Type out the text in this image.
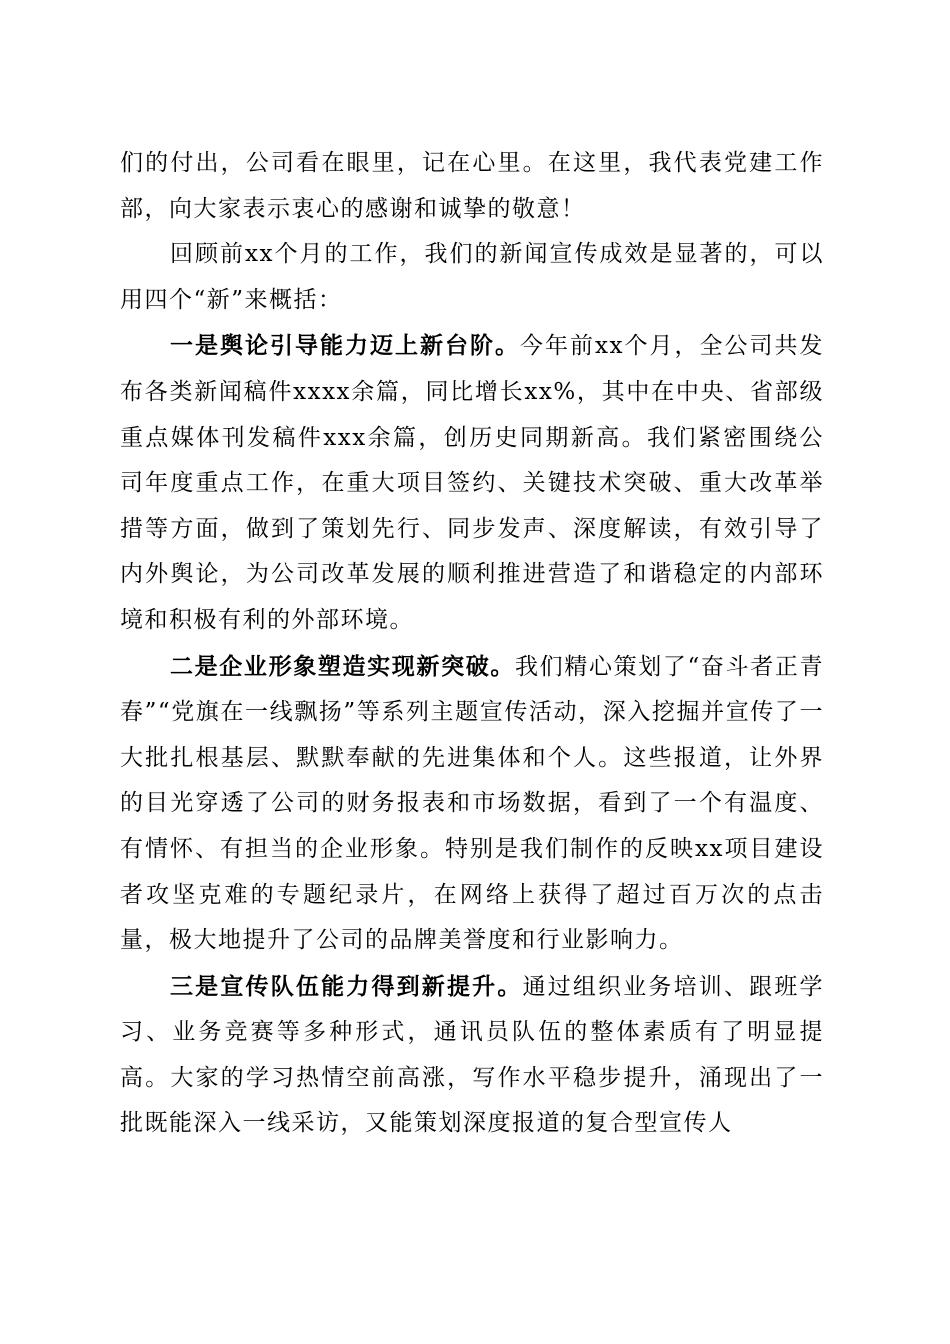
们的付出，公司看在眼里，记在心里。在这里，我代表党建工作部，向大家表示衷心的感谢和诚挚的敬意！

回顾前xx个月的工作，我们的新闻宣传成效是显著的，可以用四个“新”来概括：

一是舆论引导能力迈上新台阶。今年前xx个月，全公司共发布各类新闻稿件xxxx余篇，同比增长xx%，其中在中央、省部级重点媒体刊发稿件xxx余篇，创历史同期新高。我们紧密围绕公司年度重点工作，在重大项目签约、关键技术突破、重大改革举措等方面，做到了策划先行、同步发声、深度解读，有效引导了内外舆论，为公司改革发展的顺利推进营造了和谐稳定的内部环境和积极有利的外部环境。

二是企业形象塑造实现新突破。我们精心策划了“奋斗者正青春”“党旗在一线飘扬”等系列主题宣传活动，深入挖掘并宣传了一大批扎根基层、默默奉献的先进集体和个人。这些报道，让外界的目光穿透了公司的财务报表和市场数据，看到了一个有温度、有情怀、有担当的企业形象。特别是我们制作的反映xx项目建设者攻坚克难的专题纪录片，在网络上获得了超过百万次的点击量，极大地提升了公司的品牌美誉度和行业影响力。

三是宣传队伍能力得到新提升。通过组织业务培训、跟班学习、业务竞赛等多种形式，通讯员队伍的整体素质有了明显提高。大家的学习热情空前高涨，写作水平稳步提升，涌现出了一批既能深入一线采访，又能策划深度报道的复合型宣传人
